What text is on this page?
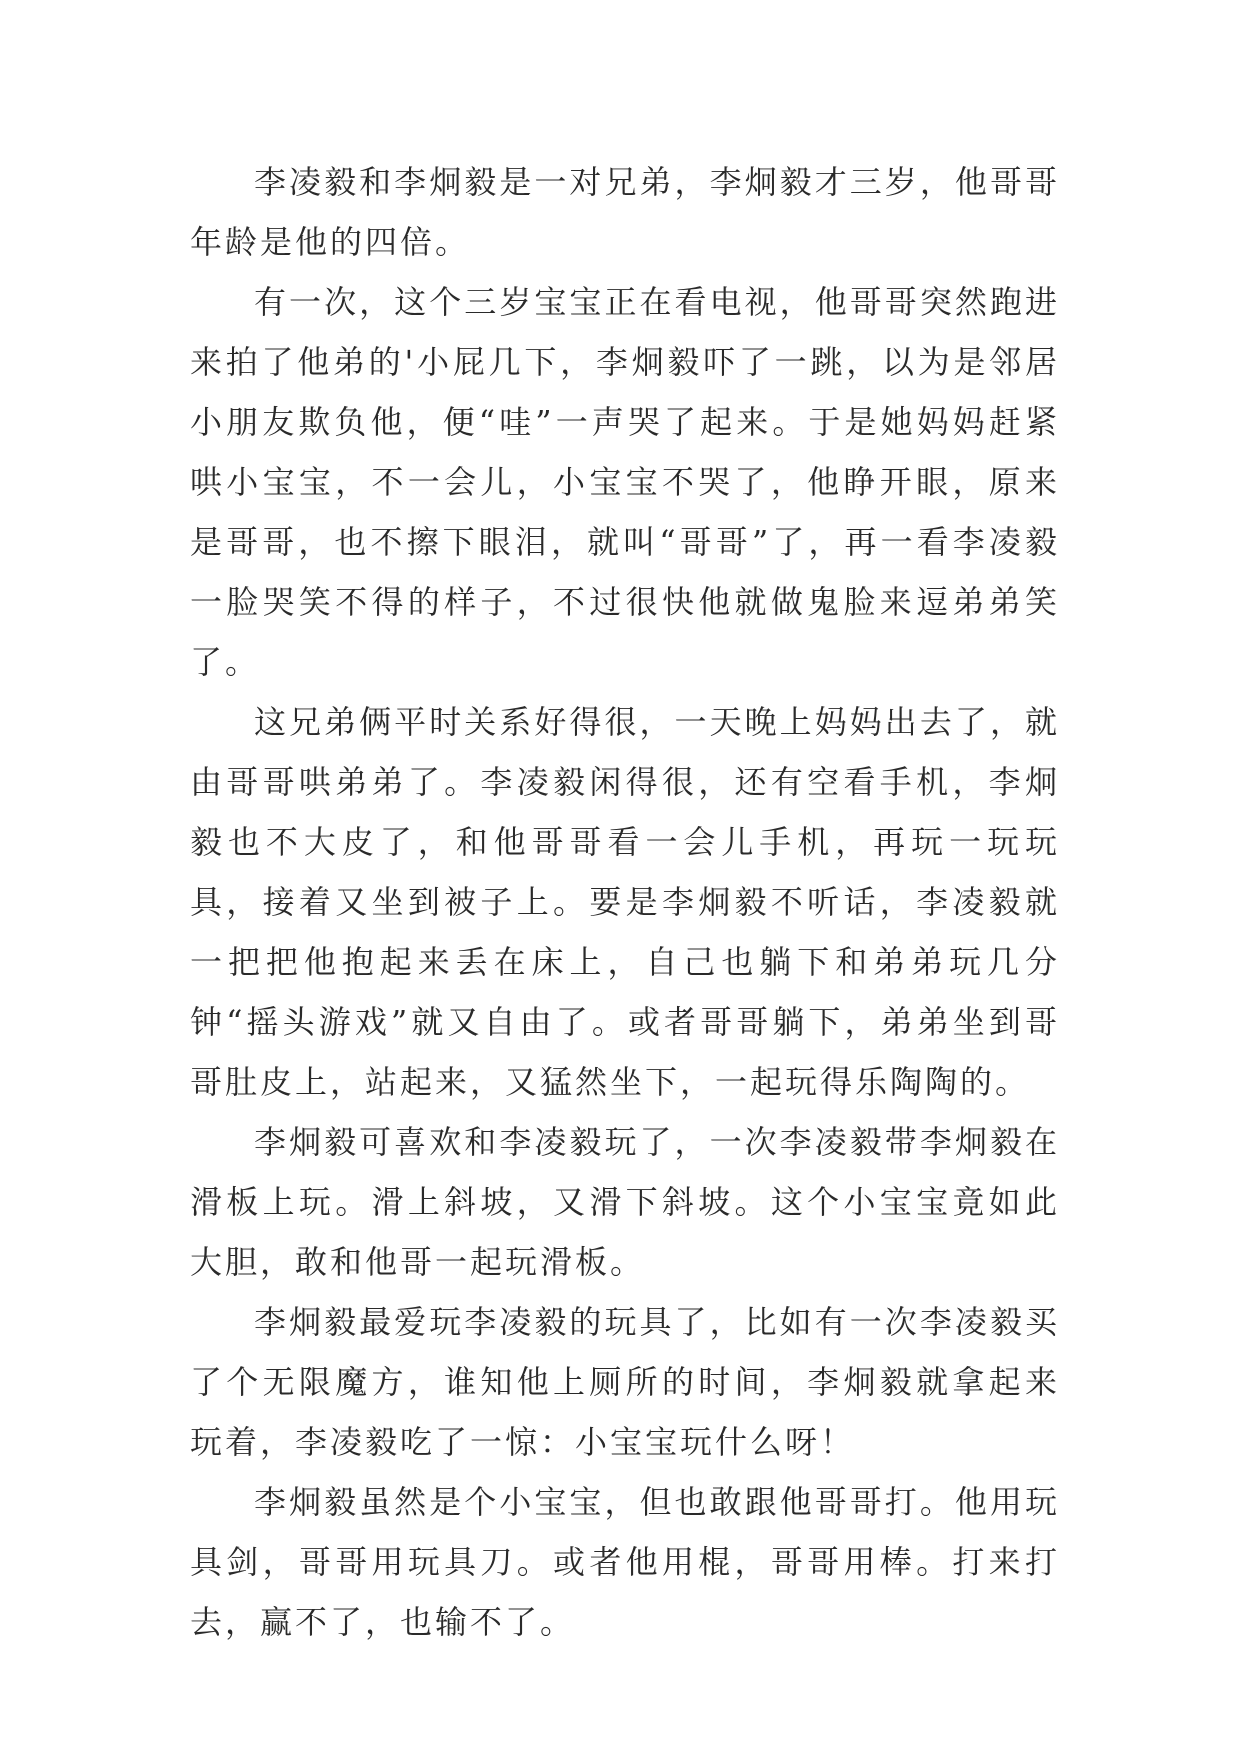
李凌毅和李炯毅是一对兄弟，李炯毅才三岁，他哥哥年龄是他的四倍。

有一次，这个三岁宝宝正在看电视，他哥哥突然跑进来拍了他弟的'小屁几下，李炯毅吓了一跳，以为是邻居小朋友欺负他，便“哇”一声哭了起来。于是她妈妈赶紧哄小宝宝，不一会儿，小宝宝不哭了，他睁开眼，原来是哥哥，也不擦下眼泪，就叫“哥哥”了，再一看李凌毅一脸哭笑不得的样子，不过很快他就做鬼脸来逗弟弟笑了。

这兄弟俩平时关系好得很，一天晚上妈妈出去了，就由哥哥哄弟弟了。李凌毅闲得很，还有空看手机，李炯毅也不大皮了，和他哥哥看一会儿手机，再玩一玩玩具，接着又坐到被子上。要是李炯毅不听话，李凌毅就一把把他抱起来丢在床上，自己也躺下和弟弟玩几分钟“摇头游戏”就又自由了。或者哥哥躺下，弟弟坐到哥哥肚皮上，站起来，又猛然坐下，一起玩得乐陶陶的。

李炯毅可喜欢和李凌毅玩了，一次李凌毅带李炯毅在滑板上玩。滑上斜坡，又滑下斜坡。这个小宝宝竟如此大胆，敢和他哥一起玩滑板。

李炯毅最爱玩李凌毅的玩具了，比如有一次李凌毅买了个无限魔方，谁知他上厕所的时间，李炯毅就拿起来玩着，李凌毅吃了一惊：小宝宝玩什么呀！

李炯毅虽然是个小宝宝，但也敢跟他哥哥打。他用玩具剑，哥哥用玩具刀。或者他用棍，哥哥用棒。打来打去，赢不了，也输不了。
